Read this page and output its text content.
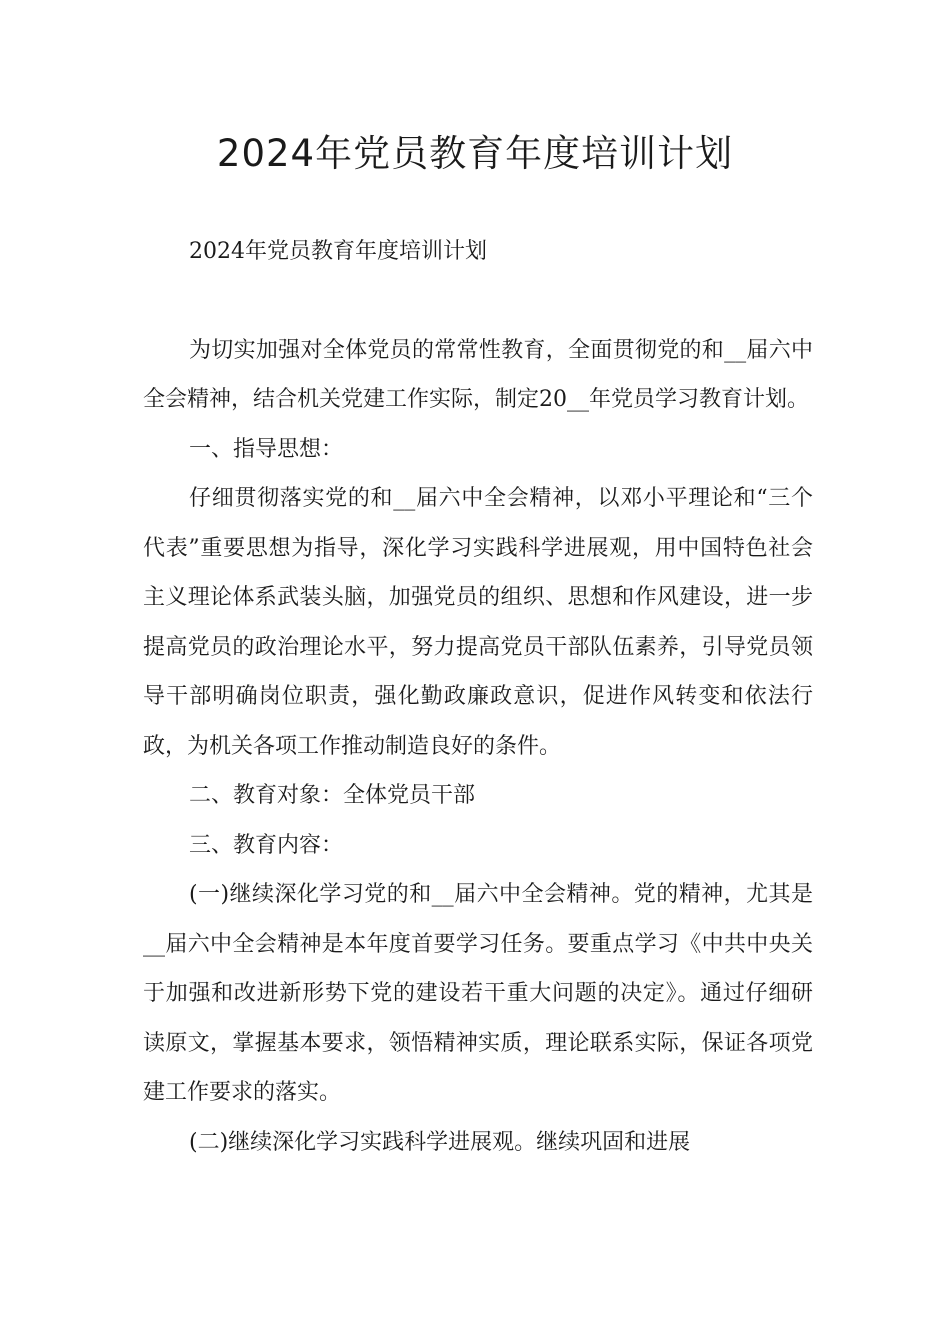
2024年党员教育年度培训计划

2024年党员教育年度培训计划

为切实加强对全体党员的常常性教育，全面贯彻党的和__届六中全会精神，结合机关党建工作实际，制定20__年党员学习教育计划。

一、指导思想：

仔细贯彻落实党的和__届六中全会精神，以邓小平理论和“三个代表”重要思想为指导，深化学习实践科学进展观，用中国特色社会主义理论体系武装头脑，加强党员的组织、思想和作风建设，进一步提高党员的政治理论水平，努力提高党员干部队伍素养，引导党员领导干部明确岗位职责，强化勤政廉政意识，促进作风转变和依法行政，为机关各项工作推动制造良好的条件。

二、教育对象：全体党员干部

三、教育内容：

(一)继续深化学习党的和__届六中全会精神。党的精神，尤其是__届六中全会精神是本年度首要学习任务。要重点学习《中共中央关于加强和改进新形势下党的建设若干重大问题的决定》。通过仔细研读原文，掌握基本要求，领悟精神实质，理论联系实际，保证各项党建工作要求的落实。

(二)继续深化学习实践科学进展观。继续巩固和进展
